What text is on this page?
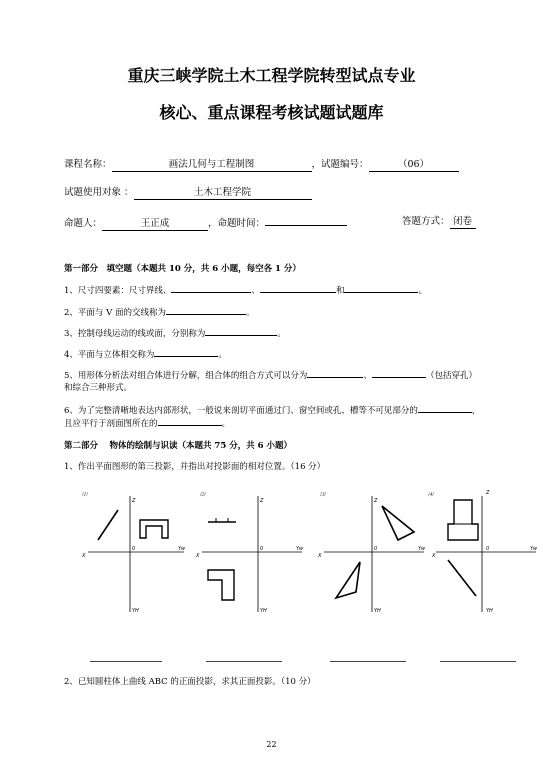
重庆三峡学院土木工程学院转型试点专业
核心、重点课程考核试题试题库
课程名称：	画法几何与工程制图	，试题编号：	（06）
试题使用对象 ：	土木工程学院
命题人：	王正成	，命题时间：	答题方式： 闭卷
第一部分　填空题（本题共 10 分，共 6 小题，每空各 1 分）
1、尺寸四要素：尺寸界线、	、	和	。
2、平面与 V 面的交线称为	。
3、控制母线运动的线或面，分别称为	。
4、平面与立体相交称为	。
5、用形体分析法对组合体进行分解，组合体的组合方式可以分为	、	（包括穿孔）
和综合三种形式。
6、为了完整清晰地表达内部形状，一般说来剖切平面通过门、窗空间或孔、槽等不可见部分的	，
且应平行于剖面图所在的	。
第二部分　 物体的绘制与识读（本题共 75 分，共 6 小题）
1、作出平面图形的第三投影，并指出对投影面的相对位置。（16 分）
⑴
Z
X
0	Yw
YH
⑵
Z
X
0	Yw
YH
⑶
Z
X
0	Yw
YH
⑷	Z
X
0	Yw
YH
2、已知圆柱体上曲线 ABC 的正面投影，求其正面投影。（10 分）
22
